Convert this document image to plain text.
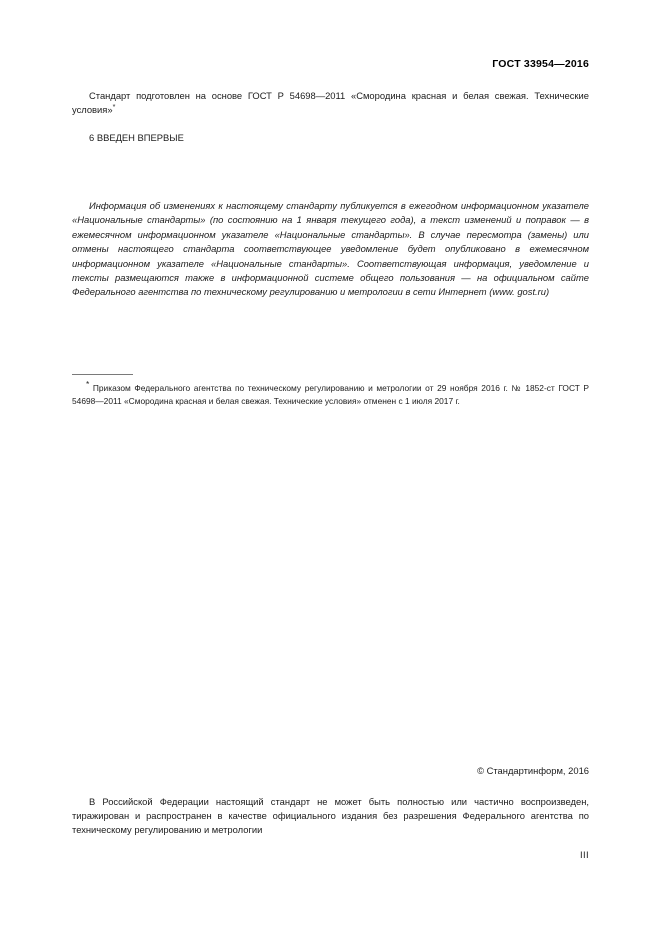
ГОСТ 33954—2016
Стандарт подготовлен на основе ГОСТ Р 54698—2011 «Смородина красная и белая свежая. Технические условия»*
6 ВВЕДЕН ВПЕРВЫЕ
Информация об изменениях к настоящему стандарту публикуется в ежегодном информационном указателе «Национальные стандарты» (по состоянию на 1 января текущего года), а текст изменений и поправок — в ежемесячном информационном указателе «Национальные стандарты». В случае пересмотра (замены) или отмены настоящего стандарта соответствующее уведомление будет опубликовано в ежемесячном информационном указателе «Национальные стандарты». Соответствующая информация, уведомление и тексты размещаются также в информационной системе общего пользования — на официальном сайте Федерального агентства по техническому регулированию и метрологии в сети Интернет (www. gost.ru)
* Приказом Федерального агентства по техническому регулированию и метрологии от 29 ноября 2016 г. № 1852-ст ГОСТ Р 54698—2011 «Смородина красная и белая свежая. Технические условия» отменен с 1 июля 2017 г.
© Стандартинформ, 2016
В Российской Федерации настоящий стандарт не может быть полностью или частично воспроизведен, тиражирован и распространен в качестве официального издания без разрешения Федерального агентства по техническому регулированию и метрологии
III
